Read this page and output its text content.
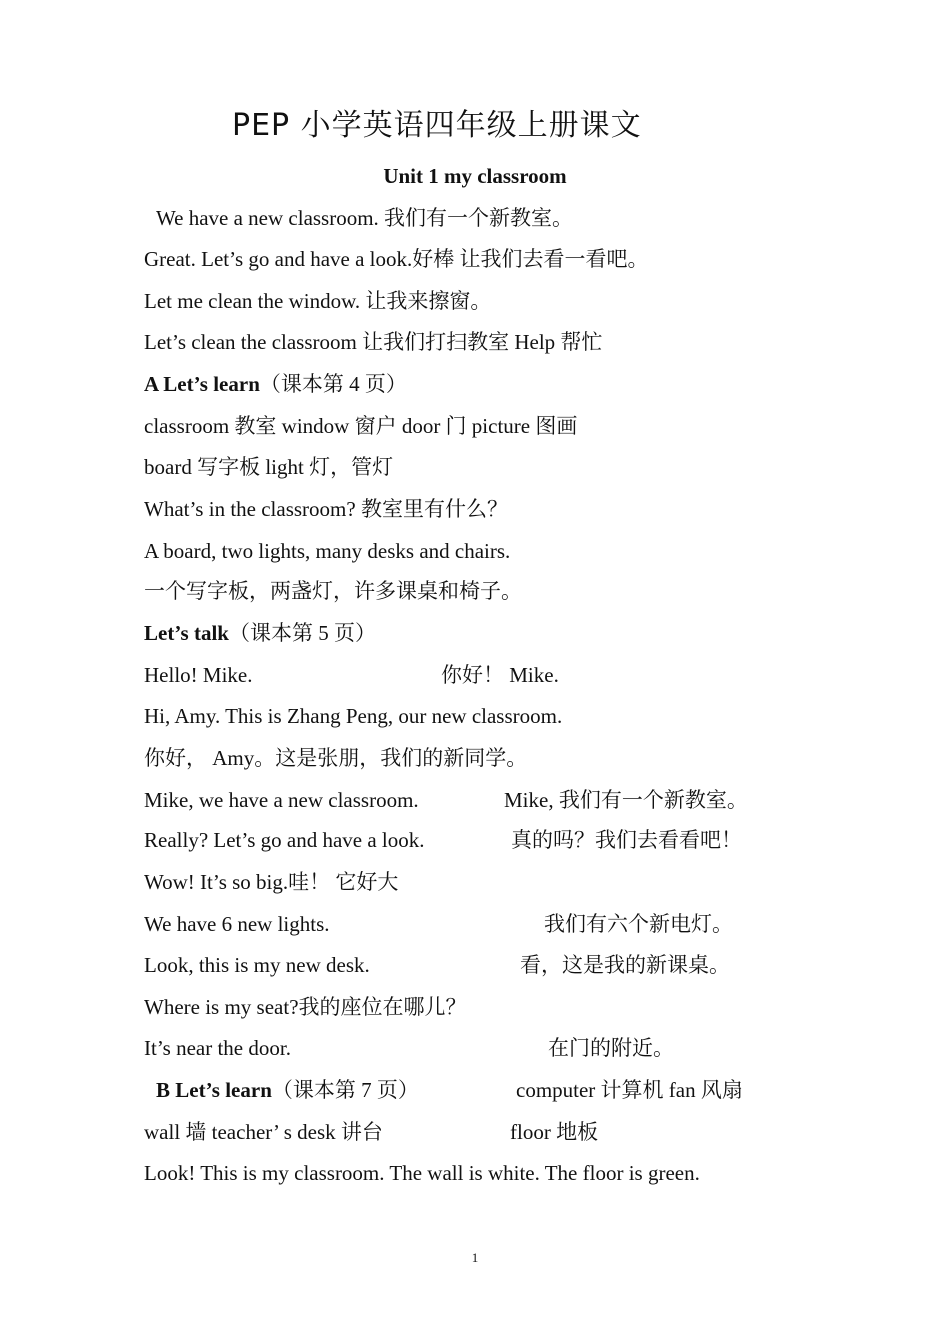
PEP 小学英语四年级上册课文
Unit 1 my classroom
We have a new classroom. 我们有一个新教室。
Great. Let’s go and have a look.好棒 让我们去看一看吧。
Let me clean the window. 让我来擦窗。
Let’s clean the classroom 让我们打扫教室 Help 帮忙
A Let’s learn（课本第 4 页）
classroom 教室 window 窗户 door 门 picture 图画
board 写字板 light 灯，管灯
What’s in the classroom? 教室里有什么？
A board, two lights, many desks and chairs.
一个写字板，两盏灯，许多课桌和椅子。
Let’s talk（课本第 5 页）
Hello! Mike.	你好！ Mike.
Hi, Amy. This is Zhang Peng, our new classroom.
你好， Amy。这是张朋，我们的新同学。
Mike, we have a new classroom.	Mike, 我们有一个新教室。
Really? Let’s go and have a look.	真的吗？我们去看看吧！
Wow! It’s so big.哇！ 它好大
We have 6 new lights.	我们有六个新电灯。
Look, this is my new desk.	看，这是我的新课桌。
Where is my seat?我的座位在哪儿？
It’s near the door.	在门的附近。
B Let’s learn（课本第 7 页）	computer 计算机 fan 风扇
wall 墙 teacher’ s desk 讲台	floor 地板
Look! This is my classroom. The wall is white. The floor is green.
1
